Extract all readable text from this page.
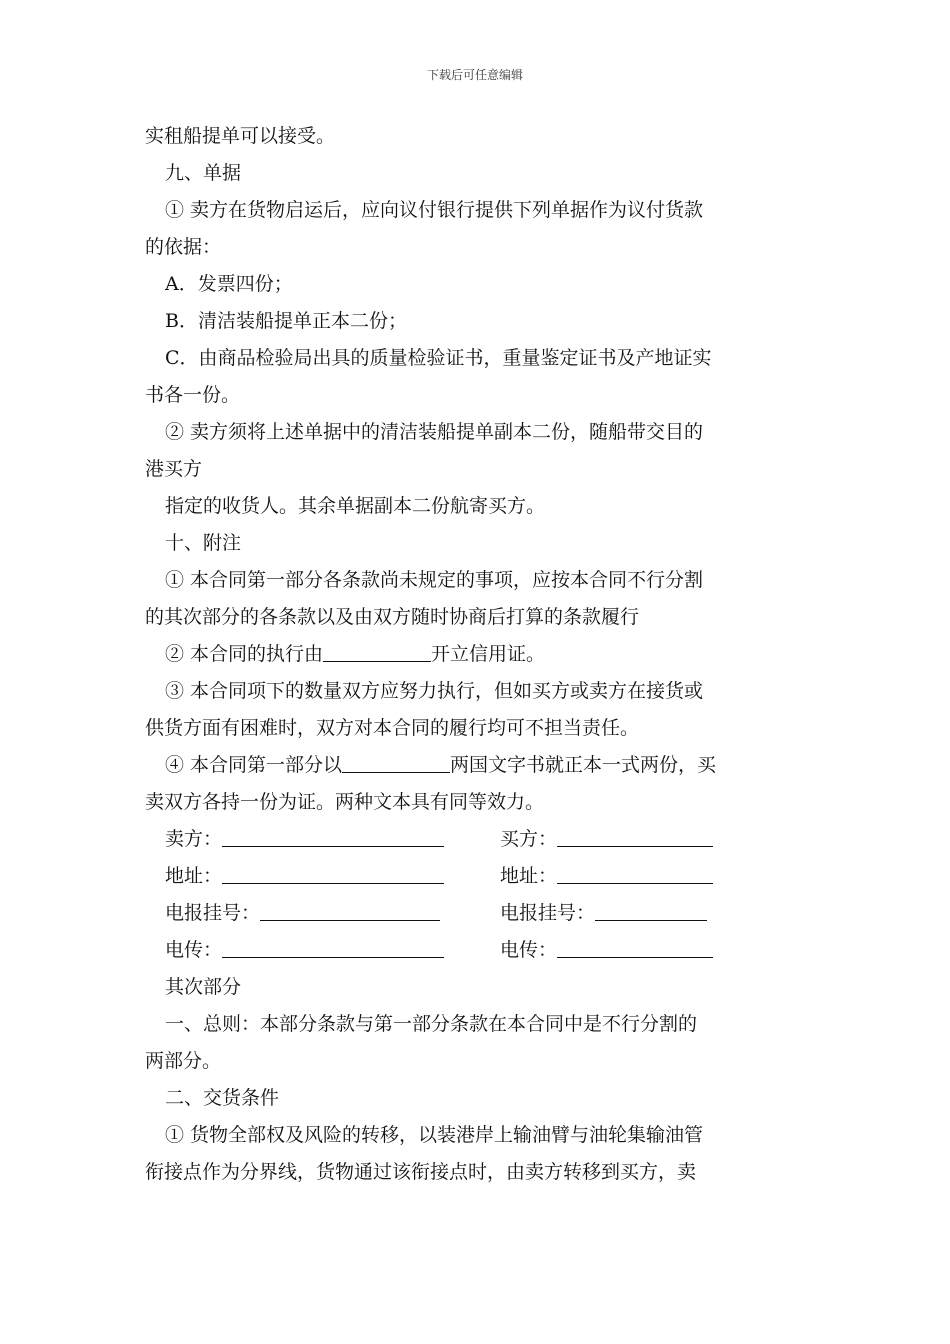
下载后可任意编辑
实租船提单可以接受。
九、单据
① 卖方在货物启运后，应向议付银行提供下列单据作为议付货款
的依据：
A．发票四份；
B．清洁装船提单正本二份；
C．由商品检验局出具的质量检验证书，重量鉴定证书及产地证实
书各一份。
② 卖方须将上述单据中的清洁装船提单副本二份，随船带交目的
港买方
指定的收货人。其余单据副本二份航寄买方。
十、附注
① 本合同第一部分各条款尚未规定的事项，应按本合同不行分割
的其次部分的各条款以及由双方随时协商后打算的条款履行
② 本合同的执行由	开立信用证。
③ 本合同项下的数量双方应努力执行，但如买方或卖方在接货或
供货方面有困难时，双方对本合同的履行均可不担当责任。
④ 本合同第一部分以	两国文字书就正本一式两份，买
卖双方各持一份为证。两种文本具有同等效力。
卖方：	买方：
地址：	地址：
电报挂号：	电报挂号：
电传：	电传：
其次部分
一、总则：本部分条款与第一部分条款在本合同中是不行分割的
两部分。
二、交货条件
① 货物全部权及风险的转移，以装港岸上输油臂与油轮集输油管
衔接点作为分界线，货物通过该衔接点时，由卖方转移到买方，卖
